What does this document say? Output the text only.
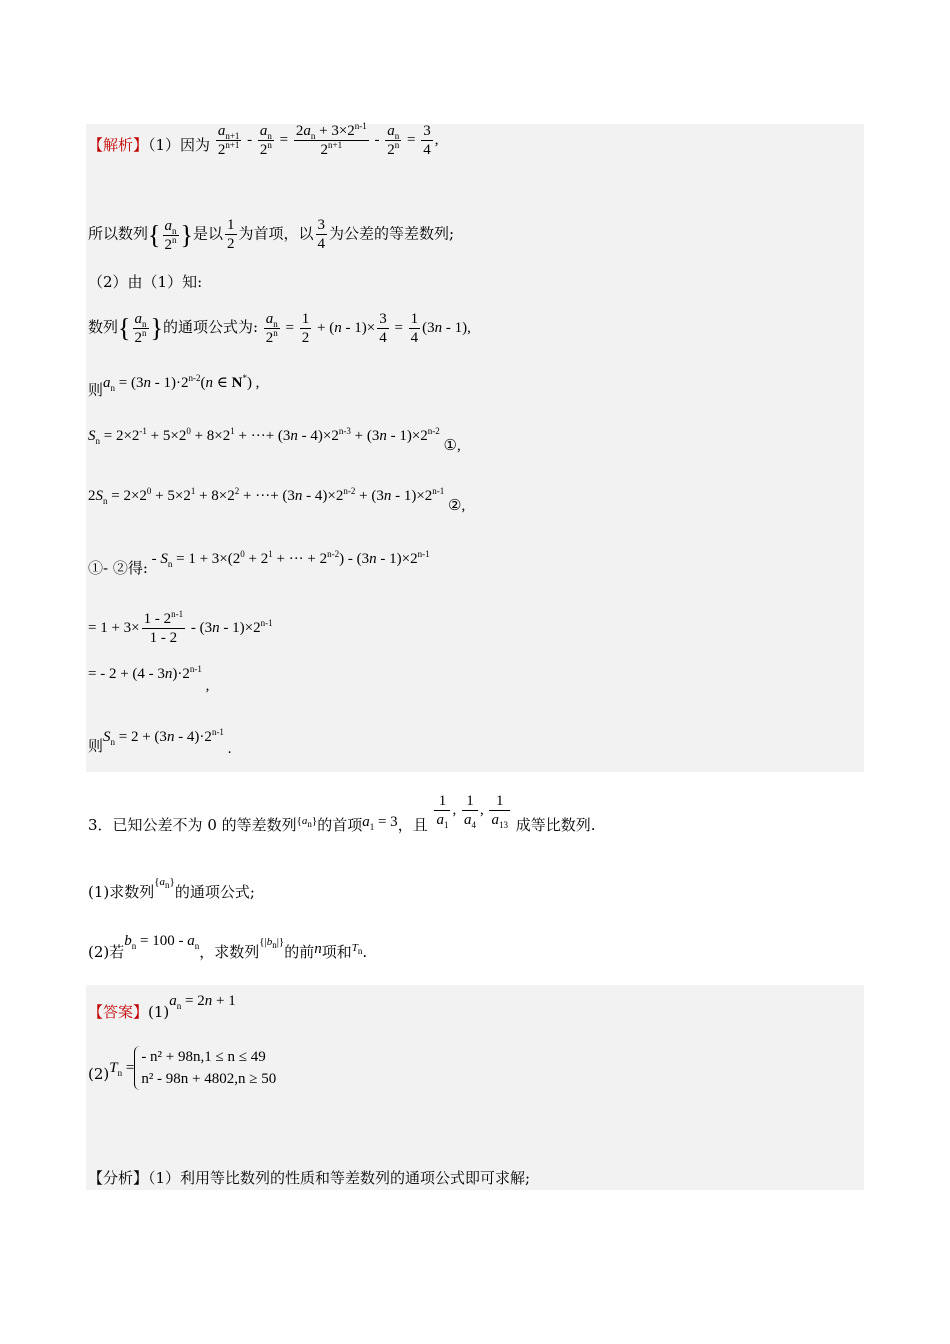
【解析】（1）因为 $\frac{a_{n+1}}{2^{n+1}} - \frac{a_n}{2^n} = \frac{2a_n + 3\times 2^{n-1}}{2^{n+1}} - \frac{a_n}{2^n} = \frac{3}{4}$ ,
所以数列{ $\frac{a_n}{2^n}$ }是以 $\frac{1}{2}$ 为首项，以 $\frac{3}{4}$ 为公差的等差数列;
（2）由（1）知:
数列{ $\frac{a_n}{2^n}$ }的通项公式为: $\frac{a_n}{2^n} = \frac{1}{2} + (n - 1)\times \frac{3}{4} = \frac{1}{4} (3n - 1)$,
则$a_n = (3n - 1)\cdot 2^{n-2}(n$ ∈ N*) ,
$S_n = 2\times 2^{-1} + 5\times 2^0 + 8\times 2^1$ + ···+ $(3n - 4)\times 2^{n-3} + (3n - 1)\times 2^{n-2}$ ①,
$2S_n = 2\times 2^0 + 5\times 2^1 + 8\times 2^2$ + ···+ $(3n - 4)\times 2^{n-2} + (3n - 1)\times 2^{n-1}$ ②,
①- ②得: - $S_n = 1 + 3\times(2^0 + 2^1$ + ··· + $2^{n-2}) - (3n - 1)\times 2^{n-1}$
= $1 + 3\times \frac{1 - 2^{n-1}}{1 - 2} - (3n - 1)\times 2^{n-1}$
= - $2 + (4 - 3n)\cdot 2^{n-1}$ ,
则$S_n = 2 + (3n - 4)\cdot 2^{n-1}$ .
3．已知公差不为 0 的等差数列$_{\{a_n\}}$的首项$a_1 = 3$，且 $\frac{1}{a_1}$ , $\frac{1}{a_4}$ , $\frac{1}{a_{13}}$ 成等比数列.
(1)求数列$\{a_n\}$的通项公式;
(2)若$b_n = 100 - a_n$，求数列$\{|b_n|\}$的前n项和$_{T_n}$.
【答案】$(1)a_n = 2n + 1$
$(2)T_n$ =
- n² + 98n,1 ≤ n ≤ 49
n² - 98n + 4802,n ≥ 50
【分析】（1）利用等比数列的性质和等差数列的通项公式即可求解;
